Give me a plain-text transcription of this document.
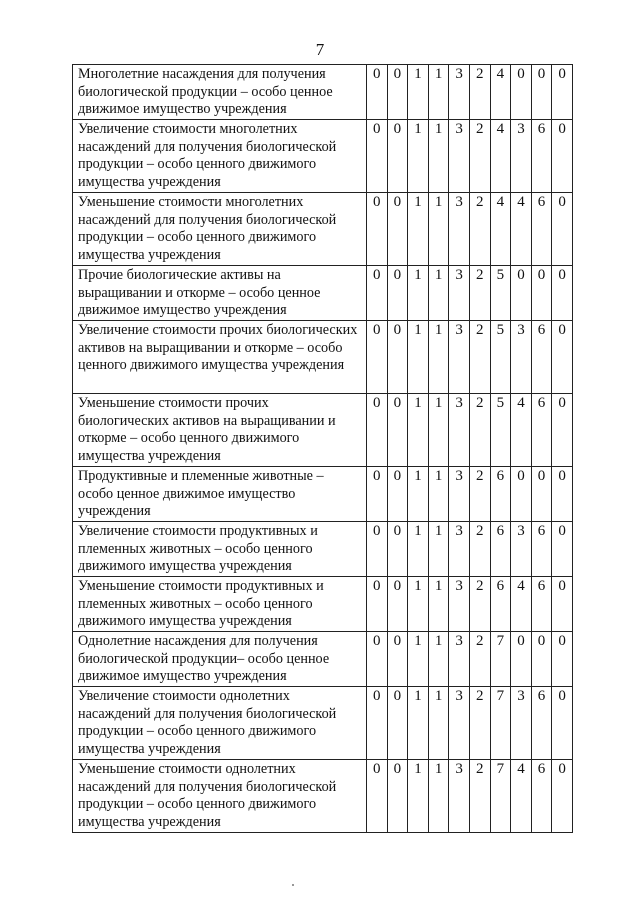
7
Многолетние насаждения для получения биологической продукции – особо ценное движимое имущество учреждения	0	0	1	1	3	2	4	0	0	0
Увеличение стоимости многолетних насаждений для получения биологической продукции – особо ценного движимого имущества учреждения	0	0	1	1	3	2	4	3	6	0
Уменьшение стоимости многолетних насаждений для получения биологической продукции – особо ценного движимого имущества учреждения	0	0	1	1	3	2	4	4	6	0
Прочие биологические активы на выращивании и откорме – особо ценное движимое имущество учреждения	0	0	1	1	3	2	5	0	0	0
Увеличение стоимости прочих биологических активов на выращивании и откорме – особо ценного движимого имущества учреждения	0	0	1	1	3	2	5	3	6	0
Уменьшение стоимости прочих биологических активов на выращивании и откорме – особо ценного движимого имущества учреждения	0	0	1	1	3	2	5	4	6	0
Продуктивные и племенные животные – особо ценное движимое имущество учреждения	0	0	1	1	3	2	6	0	0	0
Увеличение стоимости продуктивных и племенных животных – особо ценного движимого имущества учреждения	0	0	1	1	3	2	6	3	6	0
Уменьшение стоимости продуктивных и племенных животных – особо ценного движимого имущества учреждения	0	0	1	1	3	2	6	4	6	0
Однолетние насаждения для получения биологической продукции– особо ценное движимое имущество учреждения	0	0	1	1	3	2	7	0	0	0
Увеличение стоимости однолетних насаждений для получения биологической продукции – особо ценного движимого имущества учреждения	0	0	1	1	3	2	7	3	6	0
Уменьшение стоимости однолетних насаждений для получения биологической продукции – особо ценного движимого имущества учреждения	0	0	1	1	3	2	7	4	6	0
